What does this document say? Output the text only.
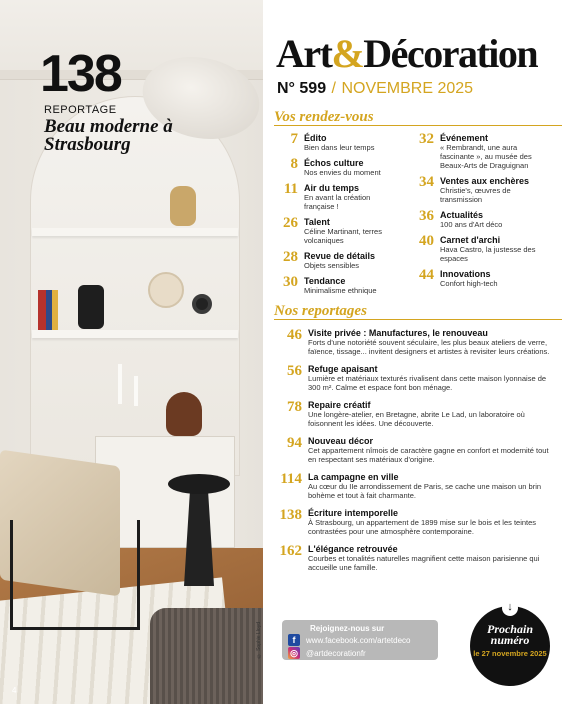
138
REPORTAGE
Beau moderne à Strasbourg
© Sophie Lloyd
4
Art&Décoration
N° 599 / NOVEMBRE 2025
Vos rendez-vous
7 Édito
Bien dans leur temps
8 Échos culture
Nos envies du moment
11 Air du temps
En avant la création française !
26 Talent
Céline Martinant, terres volcaniques
28 Revue de détails
Objets sensibles
30 Tendance
Minimalisme ethnique
32 Événement
« Rembrandt, une aura fascinante », au musée des Beaux-Arts de Draguignan
34 Ventes aux enchères
Christie's, œuvres de transmission
36 Actualités
100 ans d'Art déco
40 Carnet d'archi
Hava Castro, la justesse des espaces
44 Innovations
Confort high-tech
Nos reportages
46 Visite privée : Manufactures, le renouveau
Forts d'une notoriété souvent séculaire, les plus beaux ateliers de verre, faïence, tissage... invitent designers et artistes à revisiter leurs créations.
56 Refuge apaisant
Lumière et matériaux texturés rivalisent dans cette maison lyonnaise de 300 m². Calme et espace font bon ménage.
78 Repaire créatif
Une longère-atelier, en Bretagne, abrite Le Lad, un laboratoire où foisonnent les idées. Une découverte.
94 Nouveau décor
Cet appartement nîmois de caractère gagne en confort et modernité tout en respectant ses matériaux d'origine.
114 La campagne en ville
Au cœur du IIe arrondissement de Paris, se cache une maison un brin bohème et tout à fait charmante.
138 Écriture intemporelle
À Strasbourg, un appartement de 1899 mise sur le bois et les teintes contrastées pour une atmosphère contemporaine.
162 L'élégance retrouvée
Courbes et tonalités naturelles magnifient cette maison parisienne qui accueille une famille.
Rejoignez-nous sur
f	www.facebook.com/artetdeco
◎ @artdecorationfr
↓
Prochain numéro
le 27 novembre 2025
